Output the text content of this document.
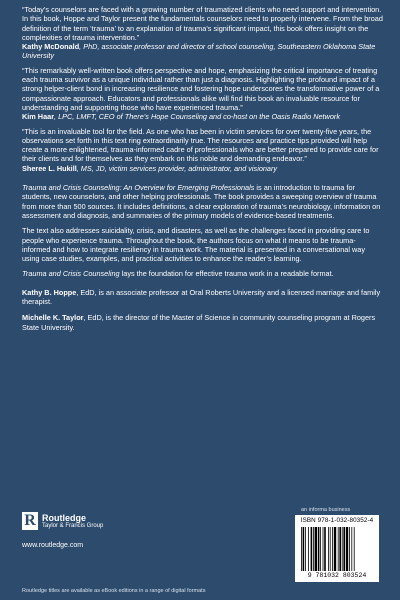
“Today’s counselors are faced with a growing number of traumatized clients who need support and intervention. In this book, Hoppe and Taylor present the fundamentals counselors need to properly intervene. From the broad definition of the term ‘trauma’ to an explanation of trauma’s significant impact, this book offers insight on the complexities of trauma intervention.”

Kathy McDonald, PhD, associate professor and director of school counseling, Southeastern Oklahoma State University

“This remarkably well-written book offers perspective and hope, emphasizing the critical importance of treating each trauma survivor as a unique individual rather than just a diagnosis. Highlighting the profound impact of a strong helper-client bond in increasing resilience and fostering hope underscores the transformative power of a compassionate approach. Educators and professionals alike will find this book an invaluable resource for understanding and supporting those who have experienced trauma.”

Kim Haar, LPC, LMFT, CEO of There’s Hope Counseling and co-host on the Oasis Radio Network

“This is an invaluable tool for the field. As one who has been in victim services for over twenty-five years, the observations set forth in this text ring extraordinarily true. The resources and practice tips provided will help create a more enlightened, trauma-informed cadre of professionals who are better prepared to provide care for their clients and for themselves as they embark on this noble and demanding endeavor.”

Sheree L. Hukill, MS, JD, victim services provider, administrator, and visionary

Trauma and Crisis Counseling: An Overview for Emerging Professionals is an introduction to trauma for students, new counselors, and other helping professionals. The book provides a sweeping overview of trauma from more than 500 sources. It includes definitions, a clear exploration of trauma’s neurobiology, information on assessment and diagnosis, and summaries of the primary models of evidence-based treatments.

The text also addresses suicidality, crisis, and disasters, as well as the challenges faced in providing care to people who experience trauma. Throughout the book, the authors focus on what it means to be trauma-informed and how to integrate resiliency in trauma work. The material is presented in a conversational way using case studies, examples, and practical activities to enhance the reader’s learning.

Trauma and Crisis Counseling lays the foundation for effective trauma work in a readable format.

Kathy B. Hoppe, EdD, is an associate professor at Oral Roberts University and a licensed marriage and family therapist.

Michelle K. Taylor, EdD, is the director of the Master of Science in community counseling program at Rogers State University.

R Routledge
Taylor & Francis Group
www.routledge.com
Routledge titles are available as eBook editions in a range of digital formats
an informa business
ISBN 978-1-032-80352-4
9 781032 803524
